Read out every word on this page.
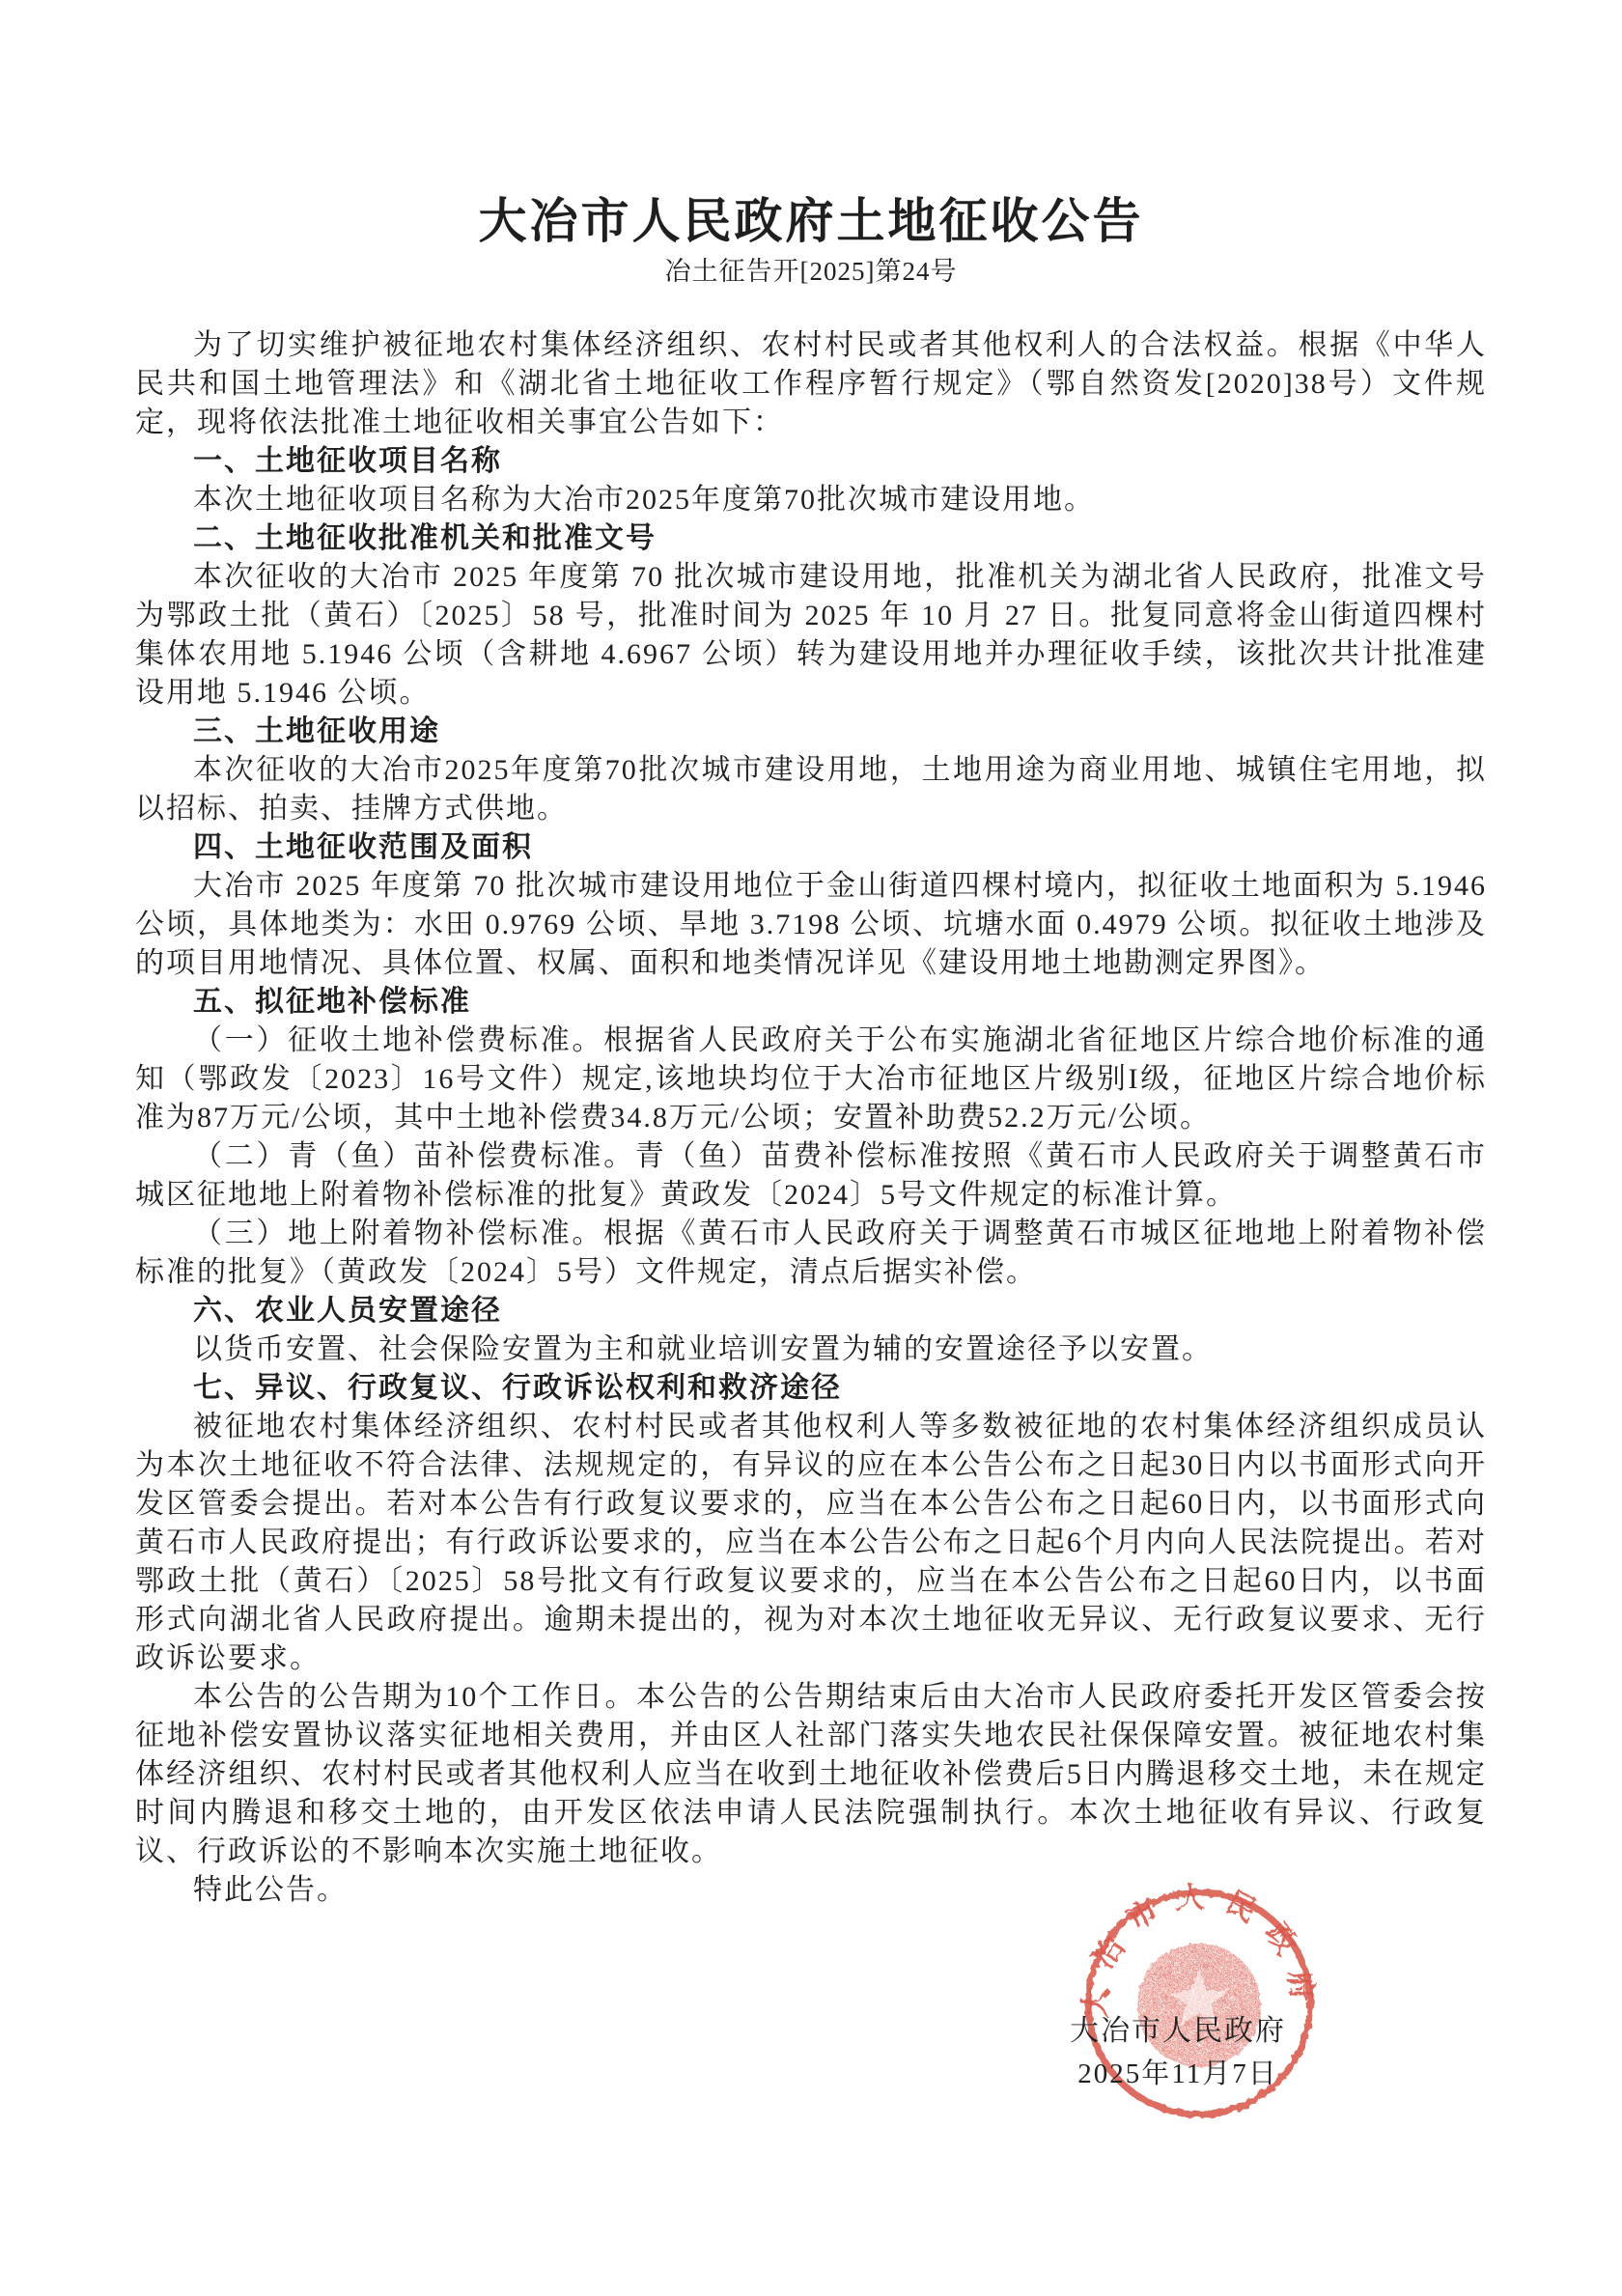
大冶市人民政府土地征收公告

冶土征告开[2025]第24号

为了切实维护被征地农村集体经济组织、农村村民或者其他权利人的合法权益。根据《中华人民共和国土地管理法》和《湖北省土地征收工作程序暂行规定》（鄂自然资发[2020]38号）文件规定，现将依法批准土地征收相关事宜公告如下：

一、土地征收项目名称

本次土地征收项目名称为大冶市2025年度第70批次城市建设用地。

二、土地征收批准机关和批准文号

本次征收的大冶市 2025 年度第 70 批次城市建设用地，批准机关为湖北省人民政府，批准文号为鄂政土批（黄石）〔2025〕58 号，批准时间为 2025 年 10 月 27 日。批复同意将金山街道四棵村集体农用地 5.1946 公顷（含耕地 4.6967 公顷）转为建设用地并办理征收手续，该批次共计批准建设用地 5.1946 公顷。

三、土地征收用途

本次征收的大冶市2025年度第70批次城市建设用地，土地用途为商业用地、城镇住宅用地，拟以招标、拍卖、挂牌方式供地。

四、土地征收范围及面积

大冶市 2025 年度第 70 批次城市建设用地位于金山街道四棵村境内，拟征收土地面积为 5.1946 公顷，具体地类为：水田 0.9769 公顷、旱地 3.7198 公顷、坑塘水面 0.4979 公顷。拟征收土地涉及的项目用地情况、具体位置、权属、面积和地类情况详见《建设用地土地勘测定界图》。

五、拟征地补偿标准

（一）征收土地补偿费标准。根据省人民政府关于公布实施湖北省征地区片综合地价标准的通知（鄂政发〔2023〕16号文件）规定,该地块均位于大冶市征地区片级别I级，征地区片综合地价标准为87万元/公顷，其中土地补偿费34.8万元/公顷；安置补助费52.2万元/公顷。

（二）青（鱼）苗补偿费标准。青（鱼）苗费补偿标准按照《黄石市人民政府关于调整黄石市城区征地地上附着物补偿标准的批复》黄政发〔2024〕5号文件规定的标准计算。

（三）地上附着物补偿标准。根据《黄石市人民政府关于调整黄石市城区征地地上附着物补偿标准的批复》（黄政发〔2024〕5号）文件规定，清点后据实补偿。

六、农业人员安置途径

以货币安置、社会保险安置为主和就业培训安置为辅的安置途径予以安置。

七、异议、行政复议、行政诉讼权利和救济途径

被征地农村集体经济组织、农村村民或者其他权利人等多数被征地的农村集体经济组织成员认为本次土地征收不符合法律、法规规定的，有异议的应在本公告公布之日起30日内以书面形式向开发区管委会提出。若对本公告有行政复议要求的，应当在本公告公布之日起60日内，以书面形式向黄石市人民政府提出；有行政诉讼要求的，应当在本公告公布之日起6个月内向人民法院提出。若对鄂政土批（黄石）〔2025〕58号批文有行政复议要求的，应当在本公告公布之日起60日内，以书面形式向湖北省人民政府提出。逾期未提出的，视为对本次土地征收无异议、无行政复议要求、无行政诉讼要求。

本公告的公告期为10个工作日。本公告的公告期结束后由大冶市人民政府委托开发区管委会按征地补偿安置协议落实征地相关费用，并由区人社部门落实失地农民社保保障安置。被征地农村集体经济组织、农村村民或者其他权利人应当在收到土地征收补偿费后5日内腾退移交土地，未在规定时间内腾退和移交土地的，由开发区依法申请人民法院强制执行。本次土地征收有异议、行政复议、行政诉讼的不影响本次实施土地征收。

特此公告。

大冶市人民政府
大冶市人民政府
2025年11月7日
